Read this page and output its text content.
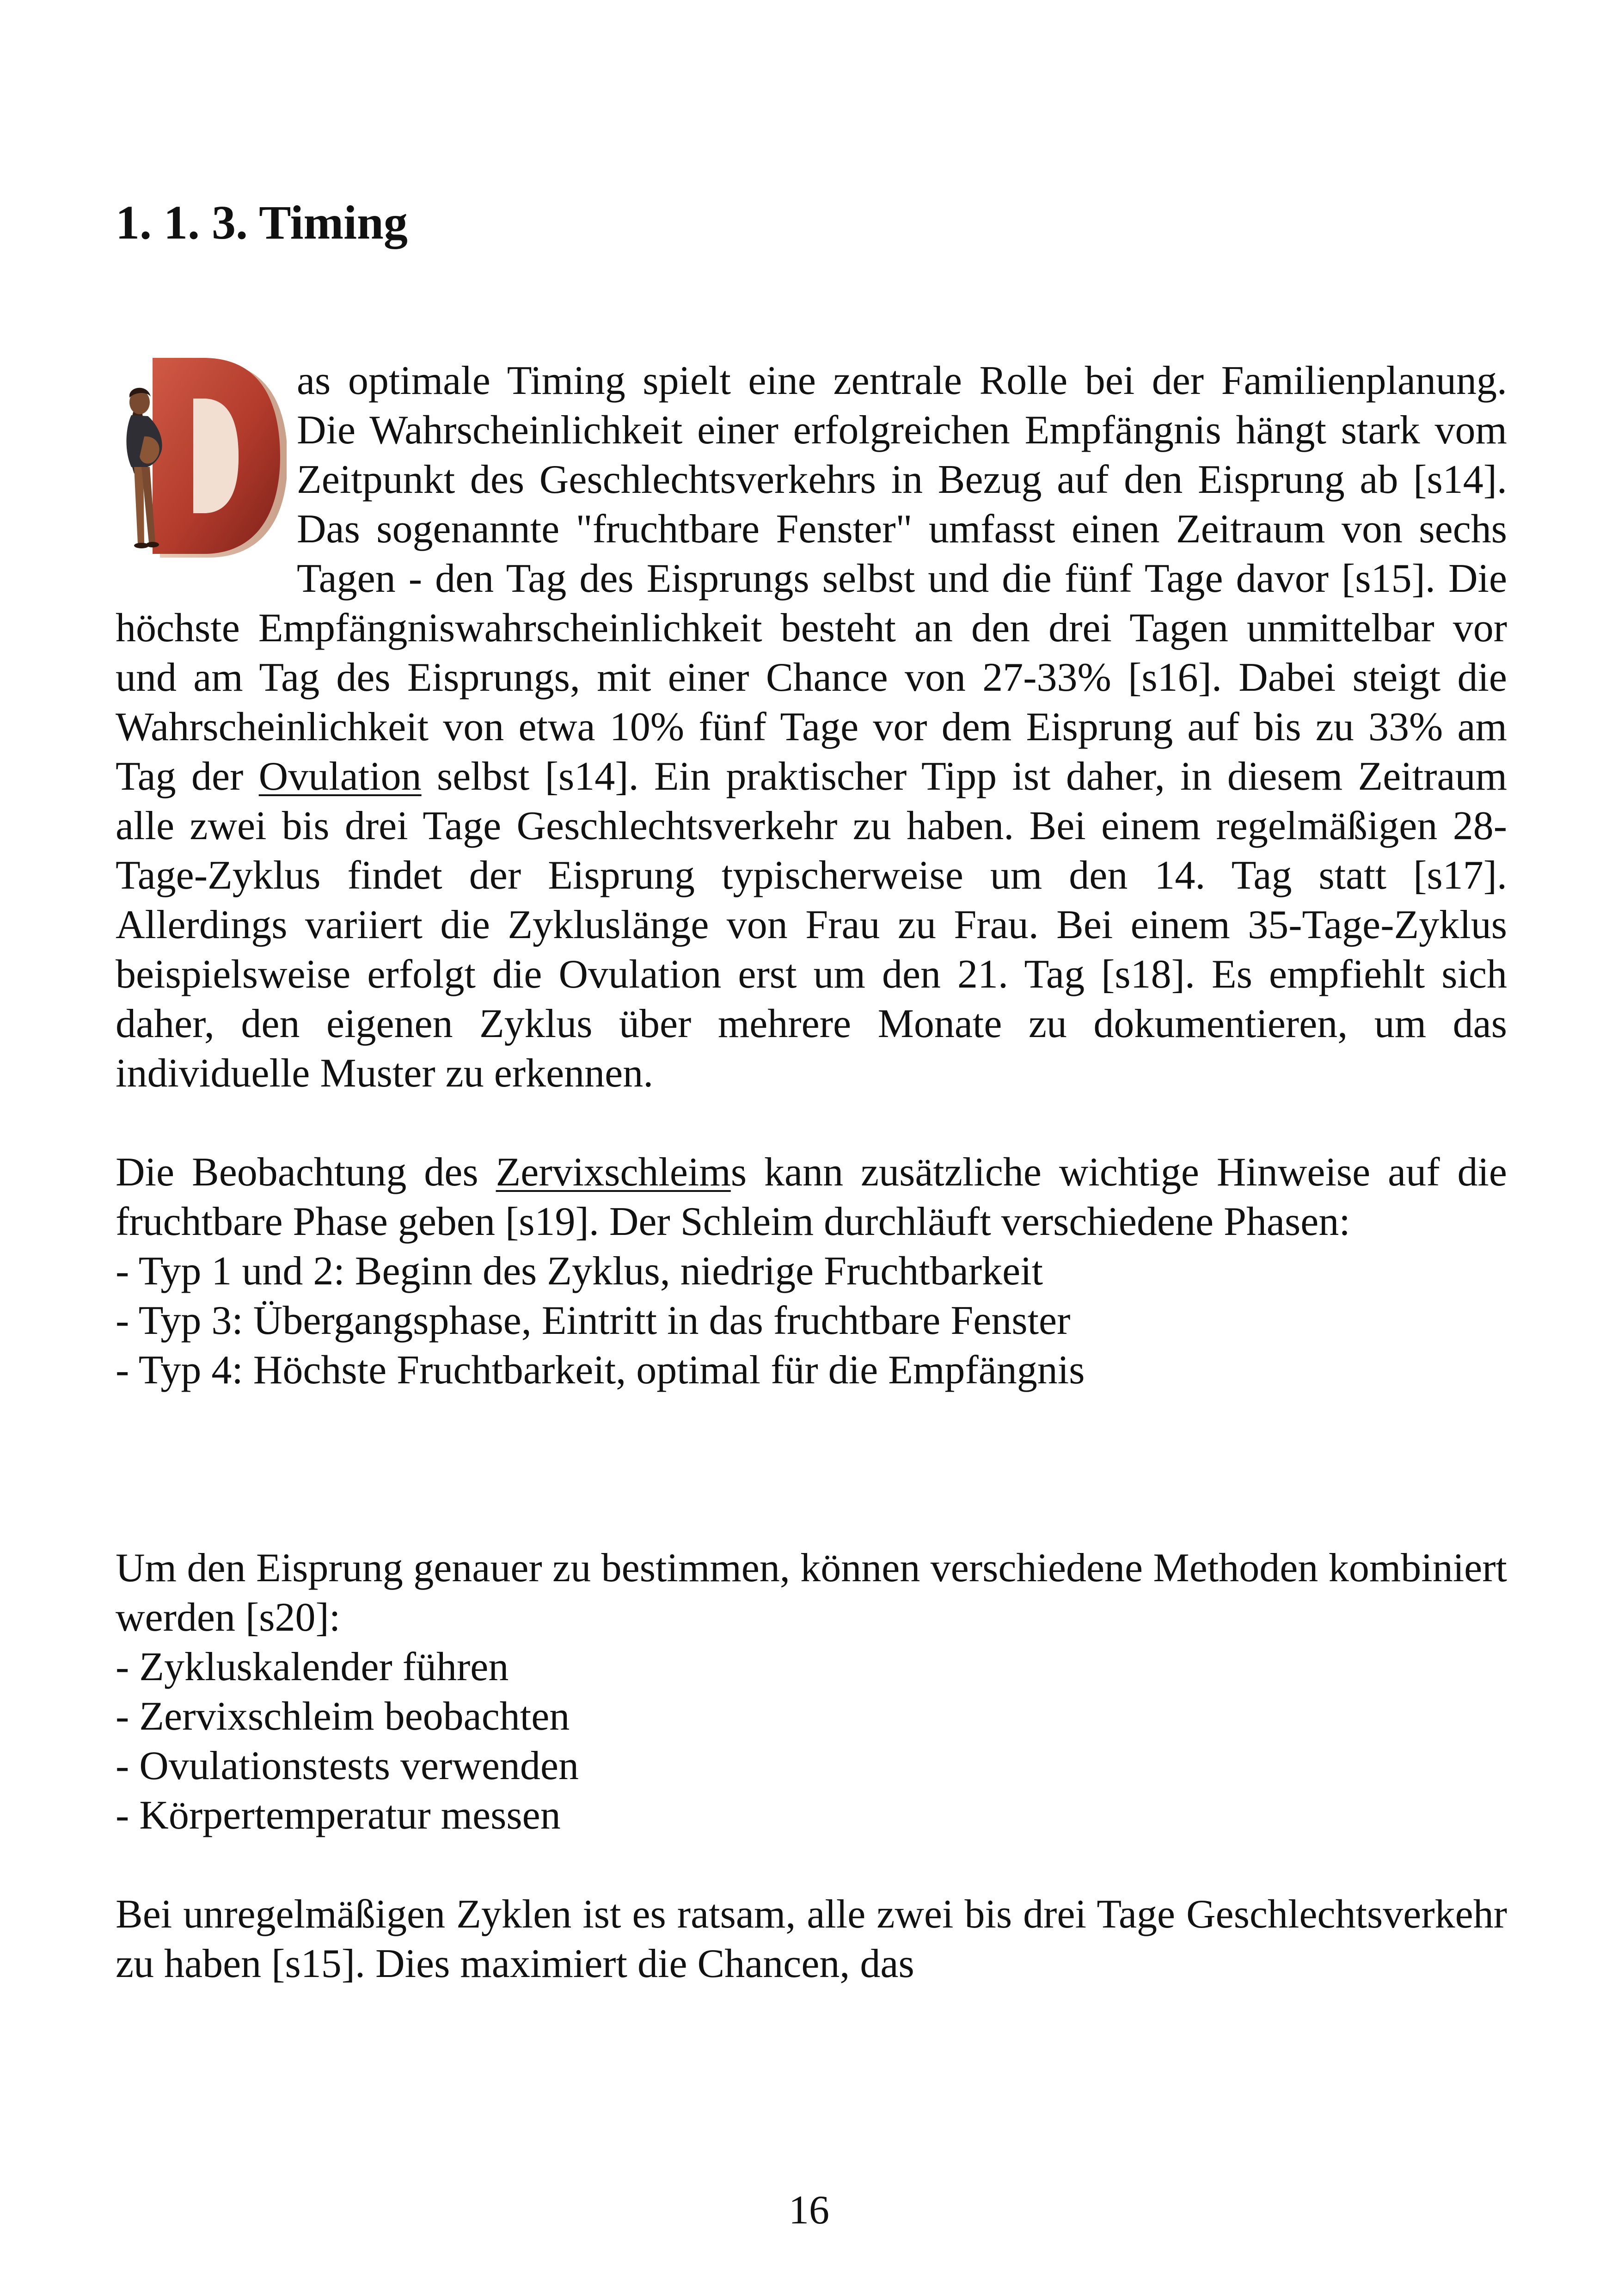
1. 1. 3. Timing

as optimale Timing spielt eine zentrale Rolle bei der Familienplanung. Die Wahrscheinlichkeit einer erfolgreichen Empfängnis hängt stark vom Zeitpunkt des Geschlechtsverkehrs in Bezug auf den Eisprung ab [s14]. Das sogenannte "fruchtbare Fenster" umfasst einen Zeitraum von sechs Tagen - den Tag des Eisprungs selbst und die fünf Tage davor [s15]. Die höchste Empfängniswahrscheinlichkeit besteht an den drei Tagen unmittelbar vor und am Tag des Eisprungs, mit einer Chance von 27-33% [s16]. Dabei steigt die Wahrscheinlichkeit von etwa 10% fünf Tage vor dem Eisprung auf bis zu 33% am Tag der Ovulation selbst [s14]. Ein praktischer Tipp ist daher, in diesem Zeitraum alle zwei bis drei Tage Geschlechtsverkehr zu haben. Bei einem regelmäßigen 28-Tage-Zyklus findet der Eisprung typischerweise um den 14. Tag statt [s17]. Allerdings variiert die Zykluslänge von Frau zu Frau. Bei einem 35-Tage-Zyklus beispielsweise erfolgt die Ovulation erst um den 21. Tag [s18]. Es empfiehlt sich daher, den eigenen Zyklus über mehrere Monate zu dokumentieren, um das individuelle Muster zu erkennen.

Die Beobachtung des Zervixschleims kann zusätzliche wichtige Hinweise auf die fruchtbare Phase geben [s19]. Der Schleim durchläuft verschiedene Phasen:

- Typ 1 und 2: Beginn des Zyklus, niedrige Fruchtbarkeit

- Typ 3: Übergangsphase, Eintritt in das fruchtbare Fenster

- Typ 4: Höchste Fruchtbarkeit, optimal für die Empfängnis

Um den Eisprung genauer zu bestimmen, können verschiedene Methoden kombiniert werden [s20]:

- Zykluskalender führen

- Zervixschleim beobachten

- Ovulationstests verwenden

- Körpertemperatur messen

Bei unregelmäßigen Zyklen ist es ratsam, alle zwei bis drei Tage Geschlechtsverkehr zu haben [s15]. Dies maximiert die Chancen, das

16
